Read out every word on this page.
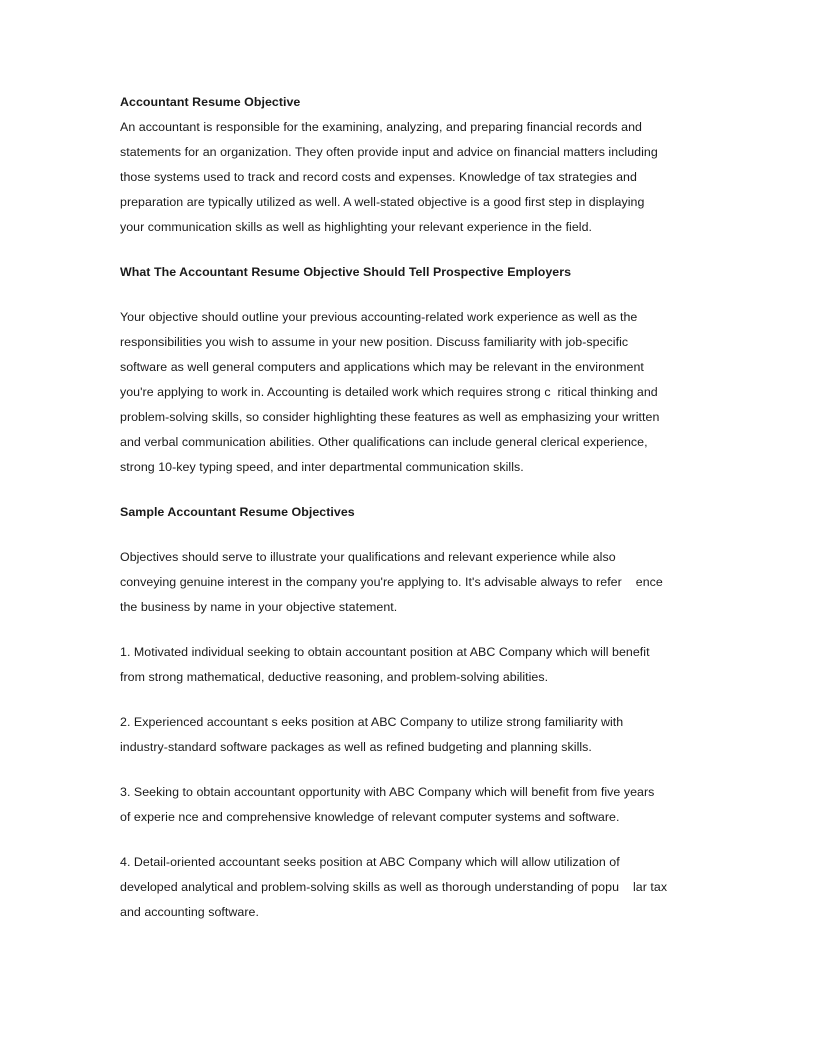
Accountant Resume Objective
An accountant is responsible for the examining, analyzing, and preparing financial records and
statements for an organization. They often provide input and advice on financial matters including
those systems used to track and record costs and expenses. Knowledge of tax strategies and
preparation are typically utilized as well. A well-stated objective is a good first step in displaying
your communication skills as well as highlighting your relevant experience in the field.
What The Accountant Resume Objective Should Tell Prospective Employers
Your objective should outline your previous accounting-related work experience as well as the
responsibilities you wish to assume in your new position. Discuss familiarity with job-specific
software as well general computers and applications which may be relevant in the environment
you're applying to work in. Accounting is detailed work which requires strong c  ritical thinking and
problem-solving skills, so consider highlighting these features as well as emphasizing your written
and verbal communication abilities. Other qualifications can include general clerical experience,
strong 10-key typing speed, and inter departmental communication skills.
Sample Accountant Resume Objectives
Objectives should serve to illustrate your qualifications and relevant experience while also
conveying genuine interest in the company you're applying to. It's advisable always to refer    ence
the business by name in your objective statement.
1. Motivated individual seeking to obtain accountant position at ABC Company which will benefit
from strong mathematical, deductive reasoning, and problem-solving abilities.
2. Experienced accountant s eeks position at ABC Company to utilize strong familiarity with
industry-standard software packages as well as refined budgeting and planning skills.
3. Seeking to obtain accountant opportunity with ABC Company which will benefit from five years
of experie nce and comprehensive knowledge of relevant computer systems and software.
4. Detail-oriented accountant seeks position at ABC Company which will allow utilization of
developed analytical and problem-solving skills as well as thorough understanding of popu    lar tax
and accounting software.
